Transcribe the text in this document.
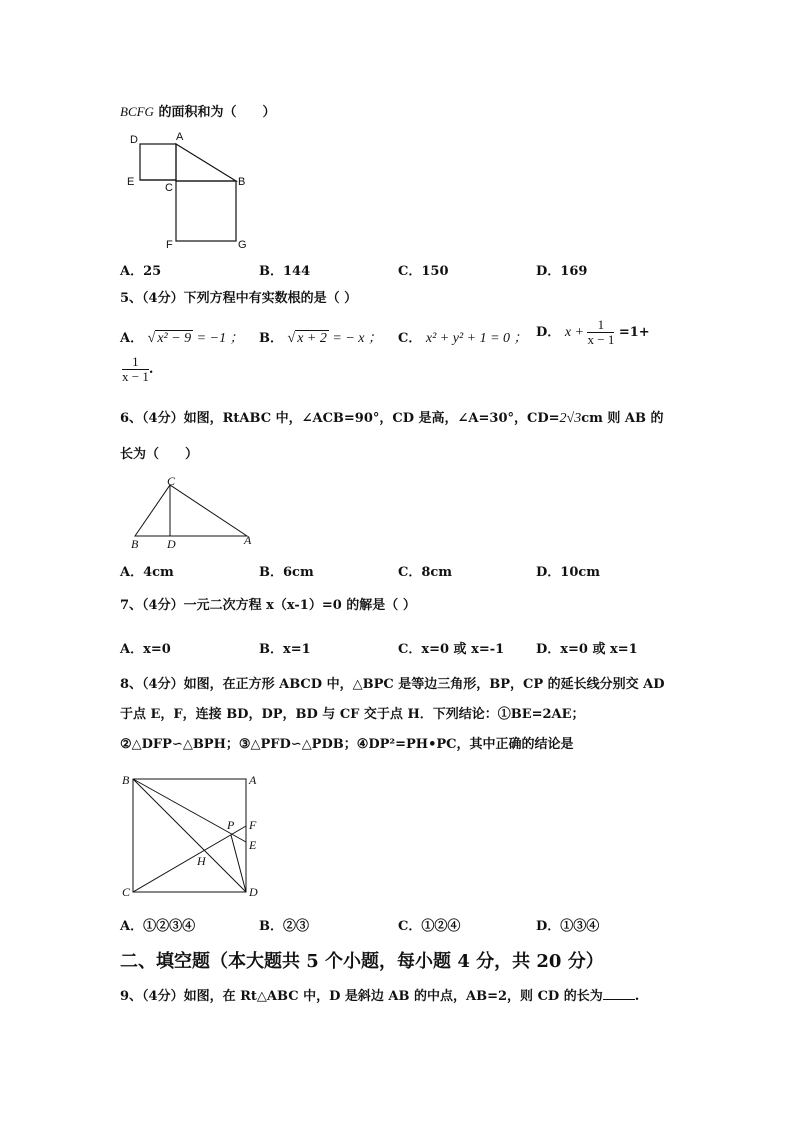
BCFG 的面积和为（　　）
D	A
E	C	B
F	G
A．25	B．144	C．150	D．169
5、（4分）下列方程中有实数根的是（ ）
A． √ x² − 9 = −1 ； B． √ x + 2 = − x ； C． x² + y² + 1 = 0 ； D． $x + \frac{1}{x - 1} =1+$
$\frac{1}{x - 1}$ .
6、（4分）如图，RtABC 中，∠ACB=90°，CD 是高，∠A=30°，CD=2√3cm 则 AB 的
长为（　　）
C
B D	A
A．4cm	B．6cm	C．8cm	D．10cm
7、（4分）一元二次方程 x（x-1）=0 的解是（ ）
A．x=0	B．x=1	C．x=0 或 x=-1 D．x=0 或 x=1
8、（4分）如图，在正方形 ABCD 中，△BPC 是等边三角形，BP，CP 的延长线分别交 AD
于点 E，F，连接 BD，DP，BD 与 CF 交于点 H．下列结论：①BE=2AE；
②△DFP∽△BPH；③△PFD∽△PDB；④DP²=PH•PC，其中正确的结论是
B	A
P F
E
H
C	D
A．①②③④	B．②③	C．①②④	D．①③④
二、填空题（本大题共 5 个小题，每小题 4 分，共 20 分）
9、（4分）如图，在 Rt△ABC 中，D 是斜边 AB 的中点，AB=2，则 CD 的长为 .
